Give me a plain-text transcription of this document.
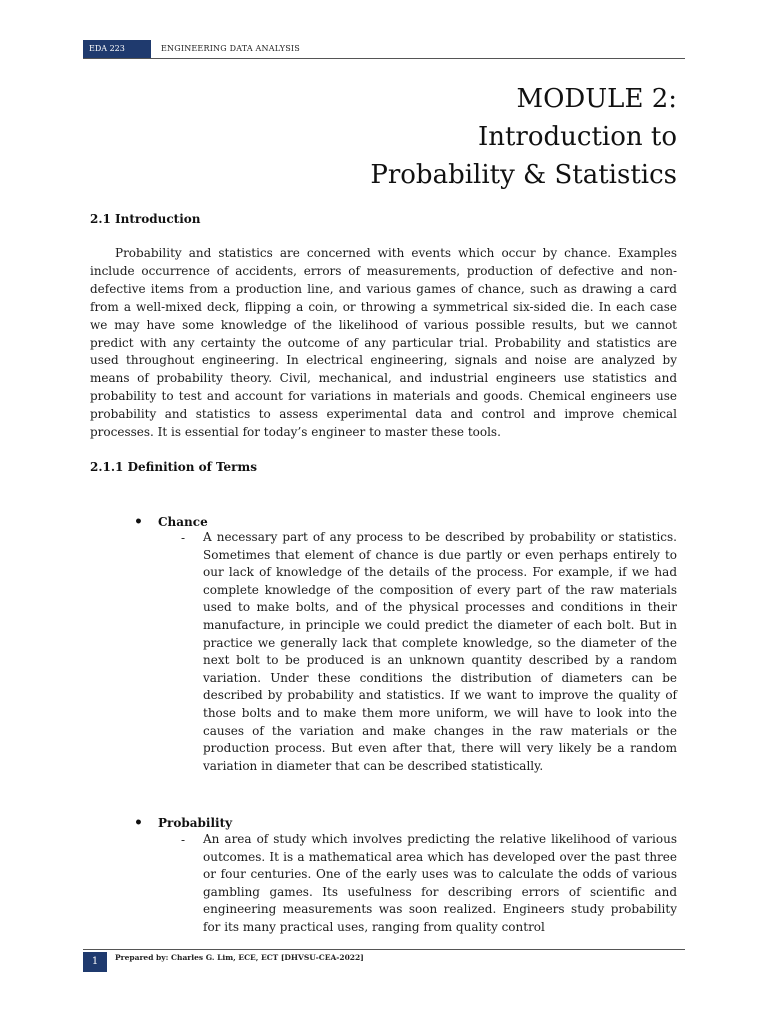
EDA 223	ENGINEERING DATA ANALYSIS
MODULE 2:
Introduction to
Probability & Statistics
2.1 Introduction

Probability and statistics are concerned with events which occur by chance. Examples include occurrence of accidents, errors of measurements, production of defective and non-defective items from a production line, and various games of chance, such as drawing a card from a well-mixed deck, flipping a coin, or throwing a symmetrical six-sided die. In each case we may have some knowledge of the likelihood of various possible results, but we cannot predict with any certainty the outcome of any particular trial. Probability and statistics are used throughout engineering. In electrical engineering, signals and noise are analyzed by means of probability theory. Civil, mechanical, and industrial engineers use statistics and probability to test and account for variations in materials and goods. Chemical engineers use probability and statistics to assess experimental data and control and improve chemical processes. It is essential for today’s engineer to master these tools.

2.1.1 Definition of Terms
• Chance
- A necessary part of any process to be described by probability or statistics. Sometimes that element of chance is due partly or even perhaps entirely to our lack of knowledge of the details of the process. For example, if we had complete knowledge of the composition of every part of the raw materials used to make bolts, and of the physical processes and conditions in their manufacture, in principle we could predict the diameter of each bolt. But in practice we generally lack that complete knowledge, so the diameter of the next bolt to be produced is an unknown quantity described by a random variation. Under these conditions the distribution of diameters can be described by probability and statistics. If we want to improve the quality of those bolts and to make them more uniform, we will have to look into the causes of the variation and make changes in the raw materials or the production process. But even after that, there will very likely be a random variation in diameter that can be described statistically.

• Probability
- An area of study which involves predicting the relative likelihood of various outcomes. It is a mathematical area which has developed over the past three or four centuries. One of the early uses was to calculate the odds of various gambling games. Its usefulness for describing errors of scientific and engineering measurements was soon realized. Engineers study probability for its many practical uses, ranging from quality control

1	Prepared by: Charles G. Lim, ECE, ECT [DHVSU-CEA-2022]
